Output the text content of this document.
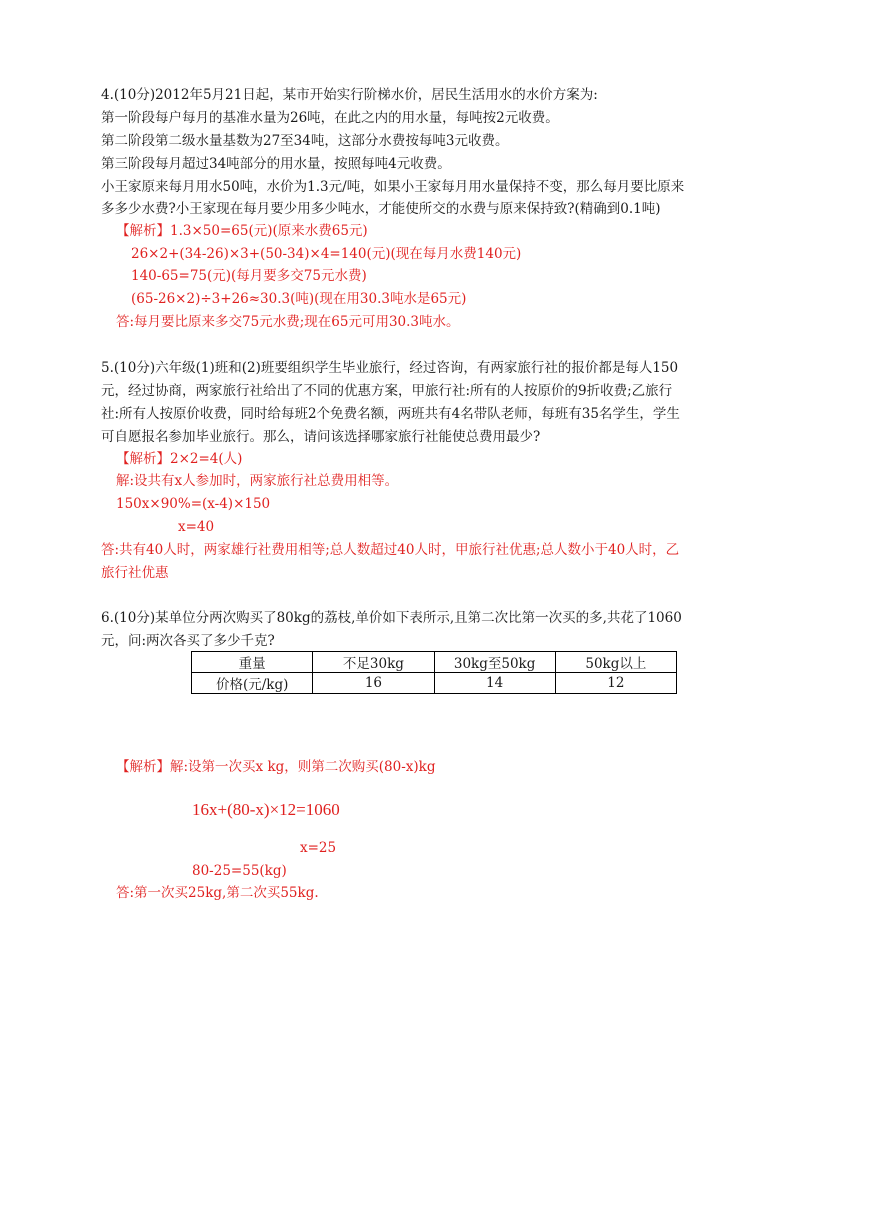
4.(10分)2012年5月21日起，某市开始实行阶梯水价，居民生活用水的水价方案为:
第一阶段每户每月的基准水量为26吨，在此之内的用水量，每吨按2元收费。
第二阶段第二级水量基数为27至34吨，这部分水费按每吨3元收费。
第三阶段每月超过34吨部分的用水量，按照每吨4元收费。
小王家原来每月用水50吨，水价为1.3元/吨，如果小王家每月用水量保持不变，那么每月要比原来
多多少水费?小王家现在每月要少用多少吨水，才能使所交的水费与原来保持致?(精确到0.1吨)
【解析】1.3×50=65(元)(原来水费65元)
26×2+(34-26)×3+(50-34)×4=140(元)(现在每月水费140元)
140-65=75(元)(每月要多交75元水费)
(65-26×2)÷3+26≈30.3(吨)(现在用30.3吨水是65元)
答:每月要比原来多交75元水费;现在65元可用30.3吨水。
5.(10分)六年级(1)班和(2)班要组织学生毕业旅行，经过咨询，有两家旅行社的报价都是每人150
元，经过协商，两家旅行社给出了不同的优惠方案，甲旅行社:所有的人按原价的9折收费;乙旅行
社:所有人按原价收费，同时给每班2个免费名额，两班共有4名带队老师，每班有35名学生，学生
可自愿报名参加毕业旅行。那么，请问该选择哪家旅行社能使总费用最少?
【解析】2×2=4(人)
解:设共有x人参加时，两家旅行社总费用相等。
150x×90%=(x-4)×150
x=40
答:共有40人时，两家雄行社费用相等;总人数超过40人时，甲旅行社优惠;总人数小于40人时，乙
旅行社优惠
6.(10分)某单位分两次购买了80kg的荔枝,单价如下表所示,且第二次比第一次买的多,共花了1060
元，问:两次各买了多少千克?
重量	不足30kg	30kg至50kg	50kg以上
价格(元/kg)	16	14	12
【解析】解:设第一次买x kg，则第二次购买(80-x)kg
16x+(80-x)×12=1060
x=25
80-25=55(kg)
答:第一次买25kg,第二次买55kg.
